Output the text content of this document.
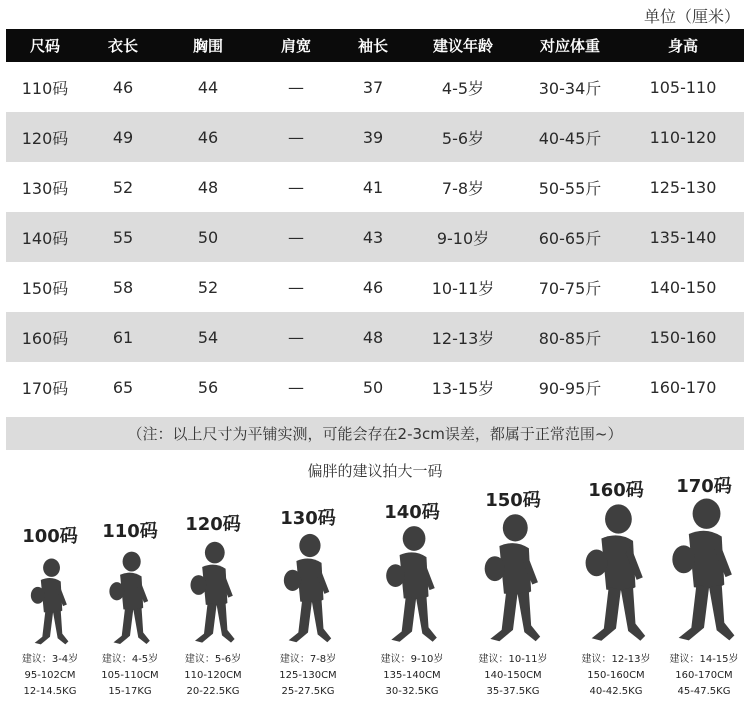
单位（厘米）
尺码	衣长	胸围	肩宽	袖长	建议年龄	对应体重	身高
110码	46	44	—	37	4-5岁	30-34斤	105-110
120码	49	46	—	39	5-6岁	40-45斤	110-120
130码	52	48	—	41	7-8岁	50-55斤	125-130
140码	55	50	—	43	9-10岁	60-65斤	135-140
150码	58	52	—	46	10-11岁	70-75斤	140-150
160码	61	54	—	48	12-13岁	80-85斤	150-160
170码	65	56	—	50	13-15岁	90-95斤	160-170
（注：以上尺寸为平铺实测，可能会存在2-3cm误差，都属于正常范围~）
偏胖的建议拍大一码
100码
建议：3-4岁
95-102CM
12-14.5KG
110码
建议：4-5岁
105-110CM
15-17KG
120码
建议：5-6岁
110-120CM
20-22.5KG
130码
建议：7-8岁
125-130CM
25-27.5KG
140码
建议：9-10岁
135-140CM
30-32.5KG
150码
建议：10-11岁
140-150CM
35-37.5KG
160码
建议：12-13岁
150-160CM
40-42.5KG
170码
建议：14-15岁
160-170CM
45-47.5KG
